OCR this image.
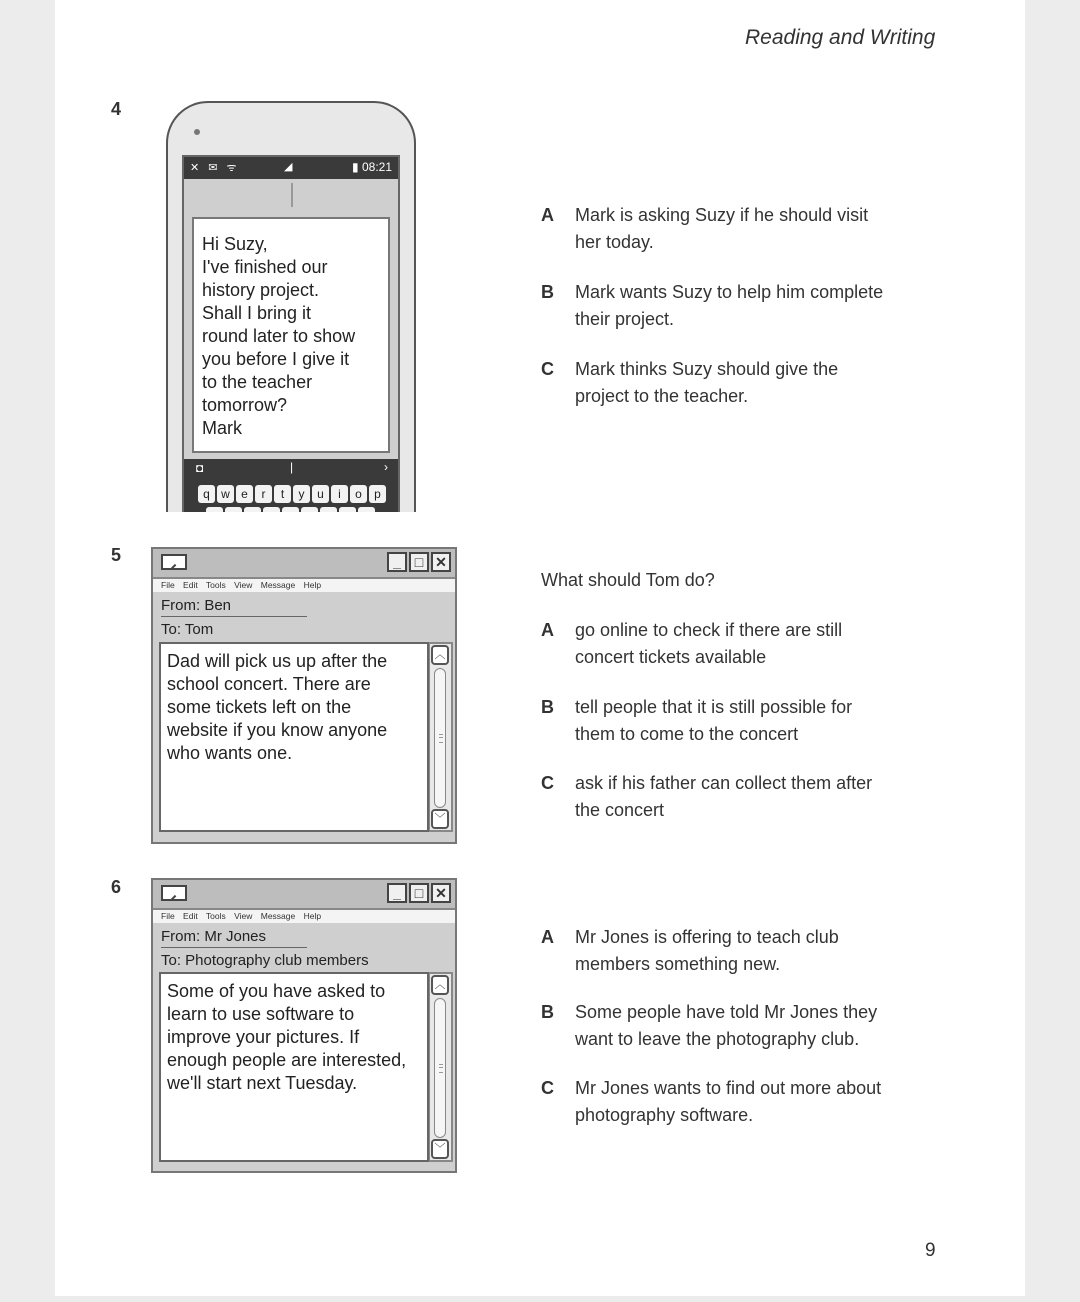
Reading and Writing
4
✕ ✉ ᯤ	◢	▮ 08:21
Hi Suzy,
I've finished our
history project.
Shall I bring it
round later to show
you before I give it
to the teacher
tomorrow?
Mark
◘	|	›
q w e	r	t	y	u	i	o	p
A Mark is asking Suzy if he should visit
her today.
B Mark wants Suzy to help him complete
their project.
C Mark thinks Suzy should give the
project to the teacher.
5	_ □ ✕
File Edit Tools View Message Help
From: Ben
To: Tom
Dad will pick us up after the
school concert. There are
some tickets left on the
website if you know anyone
who wants one.
︿
﹀
What should Tom do?
A go online to check if there are still
concert tickets available
B tell people that it is still possible for
them to come to the concert
C ask if his father can collect them after
the concert
6	_ □ ✕
File Edit Tools View Message Help
From: Mr Jones
To: Photography club members
Some of you have asked to
learn to use software to
improve your pictures. If
enough people are interested,
we'll start next Tuesday.
︿
﹀
A Mr Jones is offering to teach club
members something new.
B Some people have told Mr Jones they
want to leave the photography club.
C Mr Jones wants to find out more about
photography software.
9
